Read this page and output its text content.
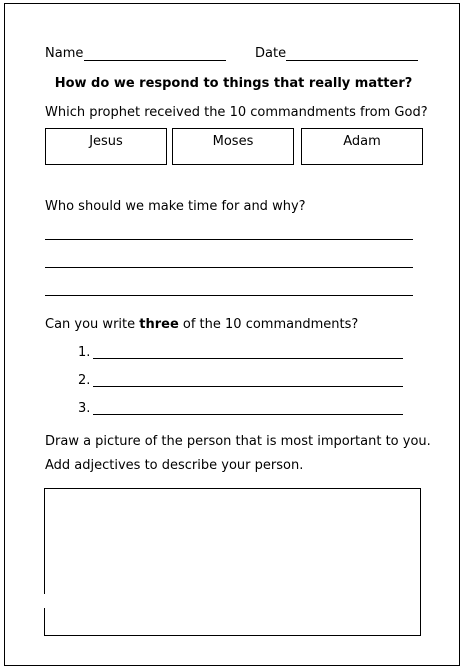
Name	Date
How do we respond to things that really matter?
Which prophet received the 10 commandments from God?
Jesus	Moses	Adam
Who should we make time for and why?
Can you write three of the 10 commandments?
1.
2.
3.
Draw a picture of the person that is most important to you.
Add adjectives to describe your person.
